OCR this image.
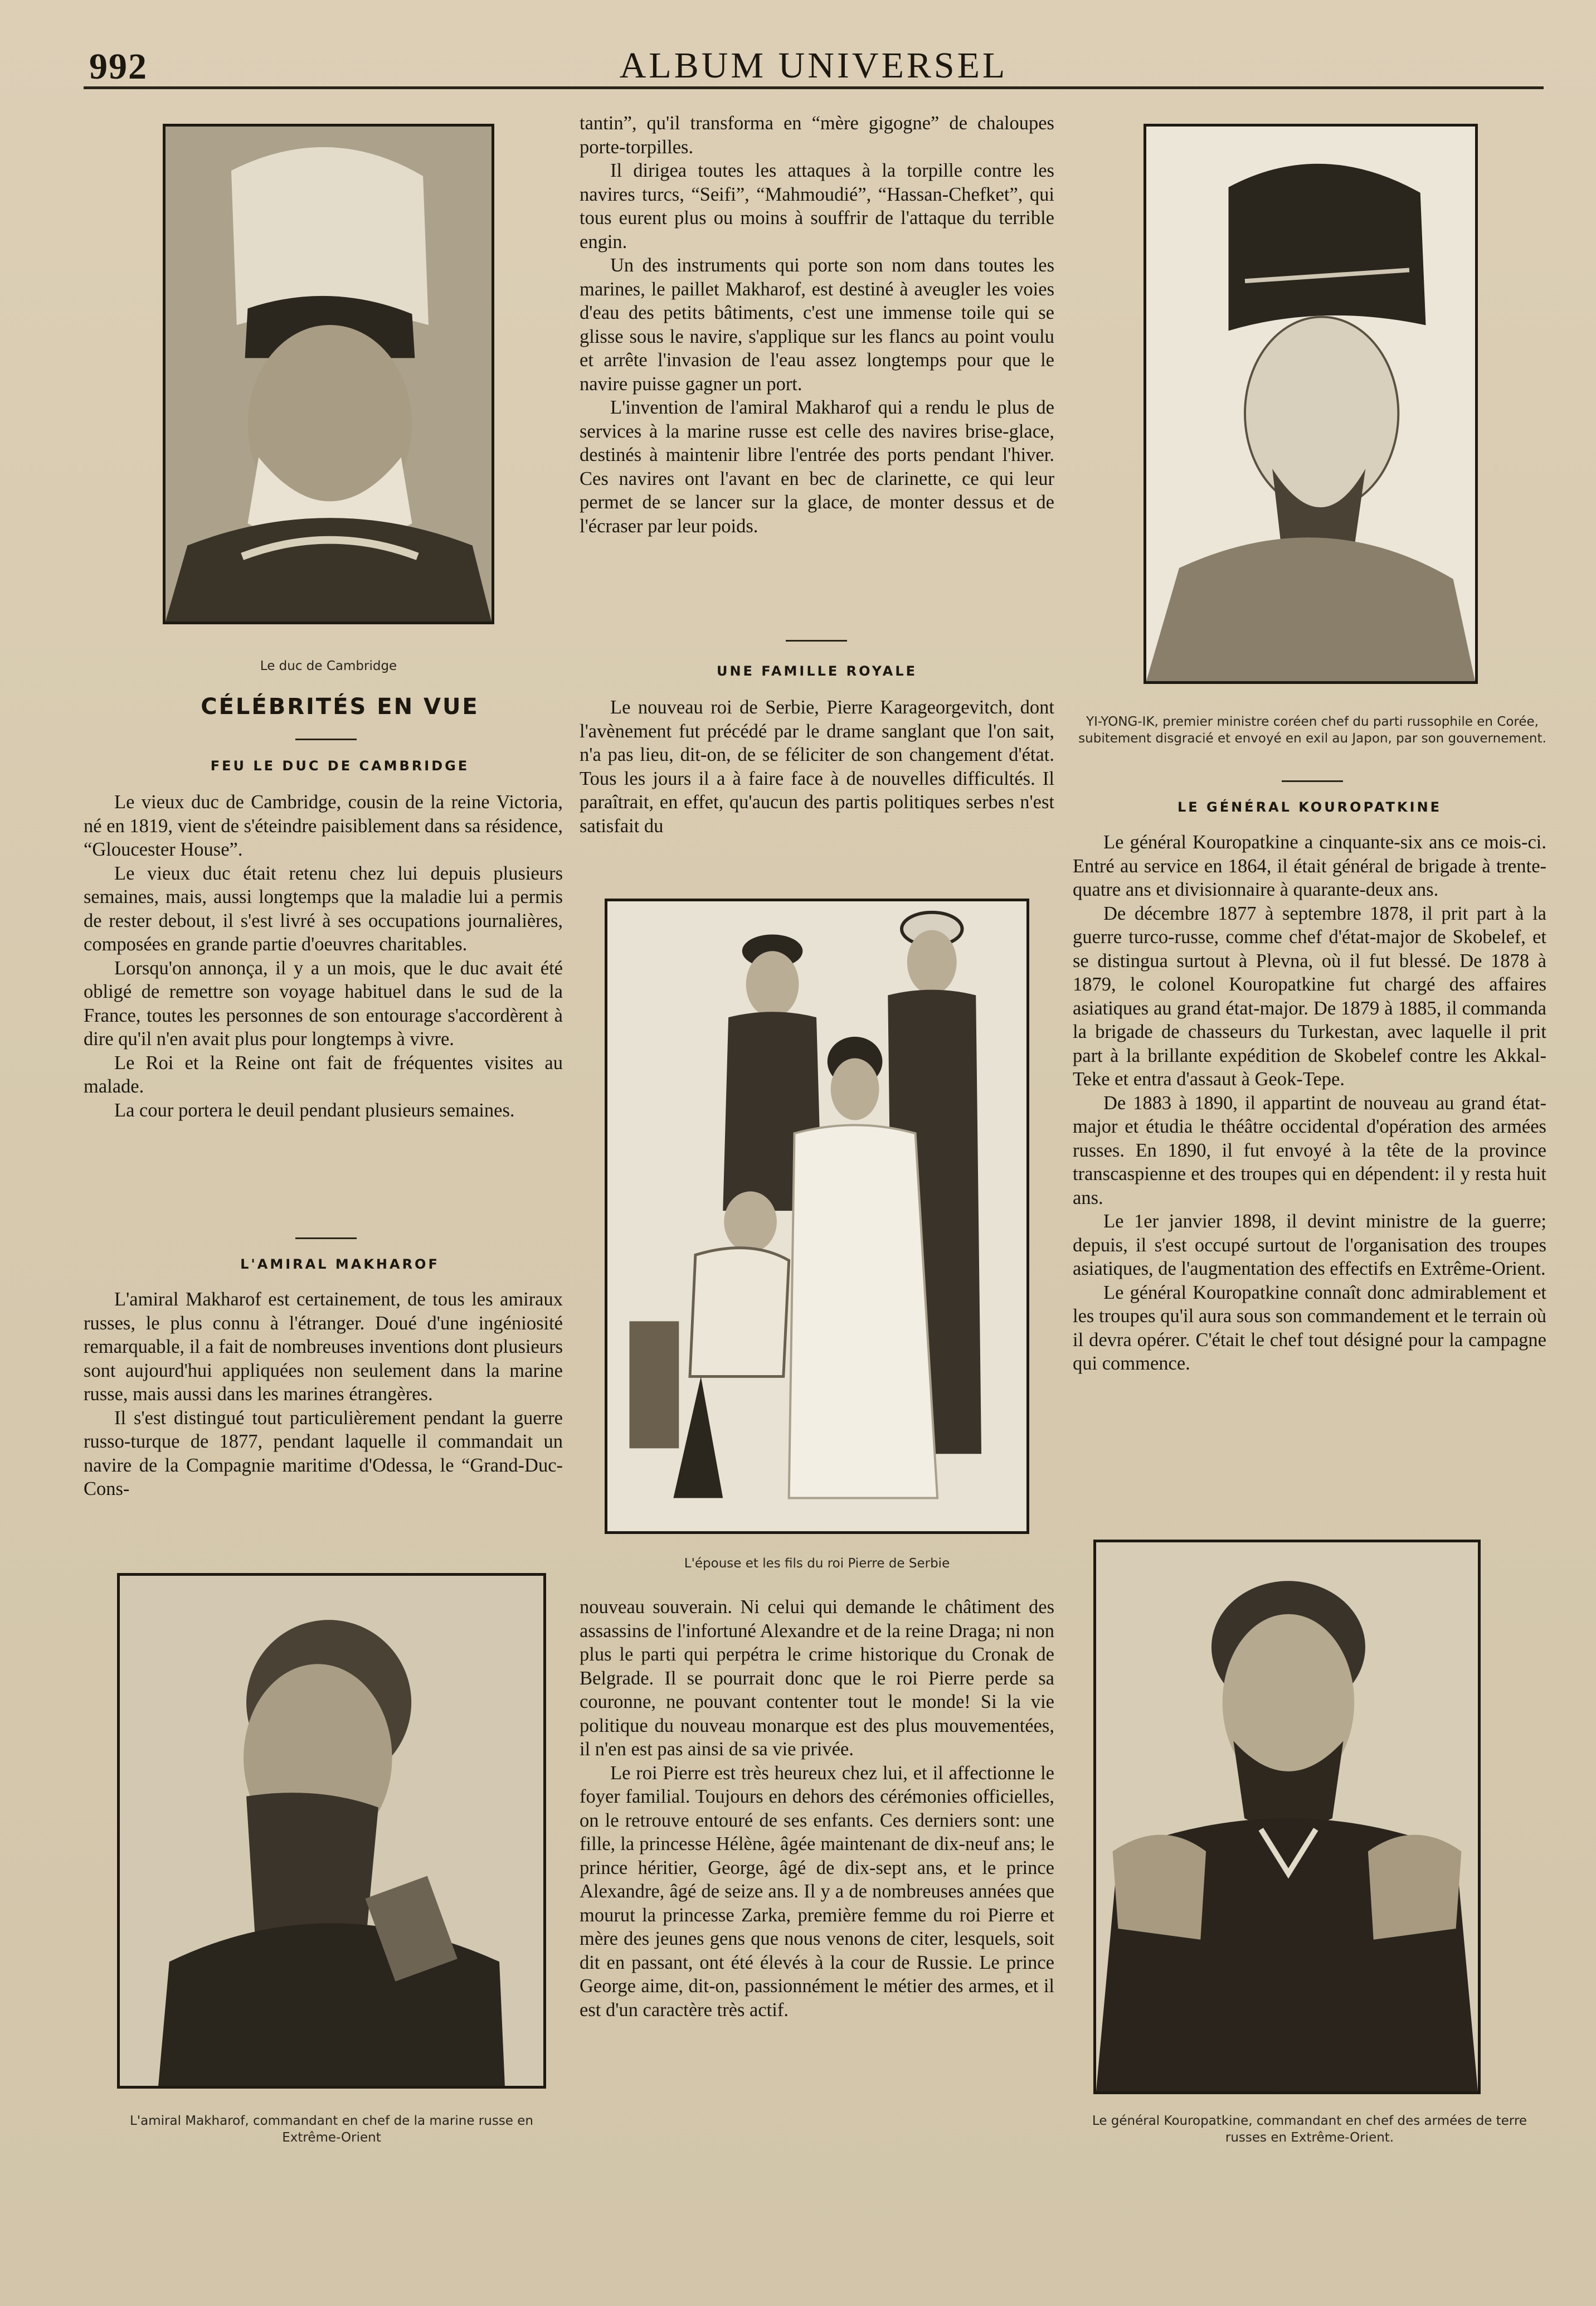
992	ALBUM UNIVERSEL
Le duc de Cambridge
CÉLÉBRITÉS EN VUE
FEU LE DUC DE CAMBRIDGE

Le vieux duc de Cambridge, cousin de la reine Victoria, né en 1819, vient de s'éteindre paisiblement dans sa résidence, “Gloucester House”.

Le vieux duc était retenu chez lui depuis plusieurs semaines, mais, aussi longtemps que la maladie lui a permis de rester debout, il s'est livré à ses occupations journalières, composées en grande partie d'oeuvres charitables.

Lorsqu'on annonça, il y a un mois, que le duc avait été obligé de remettre son voyage habituel dans le sud de la France, toutes les personnes de son entourage s'accordèrent à dire qu'il n'en avait plus pour longtemps à vivre.

Le Roi et la Reine ont fait de fréquentes visites au malade.

La cour portera le deuil pendant plusieurs semaines.

L'AMIRAL MAKHAROF

L'amiral Makharof est certainement, de tous les amiraux russes, le plus connu à l'étranger. Doué d'une ingéniosité remarquable, il a fait de nombreuses inventions dont plusieurs sont aujourd'hui appliquées non seulement dans la marine russe, mais aussi dans les marines étrangères.

Il s'est distingué tout particulièrement pendant la guerre russo-turque de 1877, pendant laquelle il commandait un navire de la Compagnie maritime d'Odessa, le “Grand-Duc-Cons-

L'amiral Makharof, commandant en chef de la marine russe en Extrême-Orient

tantin”, qu'il transforma en “mère gigogne” de chaloupes porte-torpilles.

Il dirigea toutes les attaques à la torpille contre les navires turcs, “Seifi”, “Mahmoudié”, “Hassan-Chefket”, qui tous eurent plus ou moins à souffrir de l'attaque du terrible engin.

Un des instruments qui porte son nom dans toutes les marines, le paillet Makharof, est destiné à aveugler les voies d'eau des petits bâtiments, c'est une immense toile qui se glisse sous le navire, s'applique sur les flancs au point voulu et arrête l'invasion de l'eau assez longtemps pour que le navire puisse gagner un port.

L'invention de l'amiral Makharof qui a rendu le plus de services à la marine russe est celle des navires brise-glace, destinés à maintenir libre l'entrée des ports pendant l'hiver. Ces navires ont l'avant en bec de clarinette, ce qui leur permet de se lancer sur la glace, de monter dessus et de l'écraser par leur poids.

UNE FAMILLE ROYALE

Le nouveau roi de Serbie, Pierre Karageorgevitch, dont l'avènement fut précédé par le drame sanglant que l'on sait, n'a pas lieu, dit-on, de se féliciter de son changement d'état. Tous les jours il a à faire face à de nouvelles difficultés. Il paraîtrait, en effet, qu'aucun des partis politiques serbes n'est satisfait du

L'épouse et les fils du roi Pierre de Serbie

nouveau souverain. Ni celui qui demande le châtiment des assassins de l'infortuné Alexandre et de la reine Draga; ni non plus le parti qui perpétra le crime historique du Cronak de Belgrade. Il se pourrait donc que le roi Pierre perde sa couronne, ne pouvant contenter tout le monde! Si la vie politique du nouveau monarque est des plus mouvementées, il n'en est pas ainsi de sa vie privée.

Le roi Pierre est très heureux chez lui, et il affectionne le foyer familial. Toujours en dehors des cérémonies officielles, on le retrouve entouré de ses enfants. Ces derniers sont: une fille, la princesse Hélène, âgée maintenant de dix-neuf ans; le prince héritier, George, âgé de dix-sept ans, et le prince Alexandre, âgé de seize ans. Il y a de nombreuses années que mourut la princesse Zarka, première femme du roi Pierre et mère des jeunes gens que nous venons de citer, lesquels, soit dit en passant, ont été élevés à la cour de Russie. Le prince George aime, dit-on, passionnément le métier des armes, et il est d'un caractère très actif.

YI-YONG-IK, premier ministre coréen chef du parti russophile en Corée, subitement disgracié et envoyé en exil au Japon, par son gouvernement.
LE GÉNÉRAL KOUROPATKINE

Le général Kouropatkine a cinquante-six ans ce mois-ci. Entré au service en 1864, il était général de brigade à trente-quatre ans et divisionnaire à quarante-deux ans.

De décembre 1877 à septembre 1878, il prit part à la guerre turco-russe, comme chef d'état-major de Skobelef, et se distingua surtout à Plevna, où il fut blessé. De 1878 à 1879, le colonel Kouropatkine fut chargé des affaires asiatiques au grand état-major. De 1879 à 1885, il commanda la brigade de chasseurs du Turkestan, avec laquelle il prit part à la brillante expédition de Skobelef contre les Akkal-Teke et entra d'assaut à Geok-Tepe.

De 1883 à 1890, il appartint de nouveau au grand état-major et étudia le théâtre occidental d'opération des armées russes. En 1890, il fut envoyé à la tête de la province transcaspienne et des troupes qui en dépendent: il y resta huit ans.

Le 1er janvier 1898, il devint ministre de la guerre; depuis, il s'est occupé surtout de l'organisation des troupes asiatiques, de l'augmentation des effectifs en Extrême-Orient.

Le général Kouropatkine connaît donc admirablement et les troupes qu'il aura sous son commandement et le terrain où il devra opérer. C'était le chef tout désigné pour la campagne qui commence.

Le général Kouropatkine, commandant en chef des armées de terre russes en Extrême-Orient.
